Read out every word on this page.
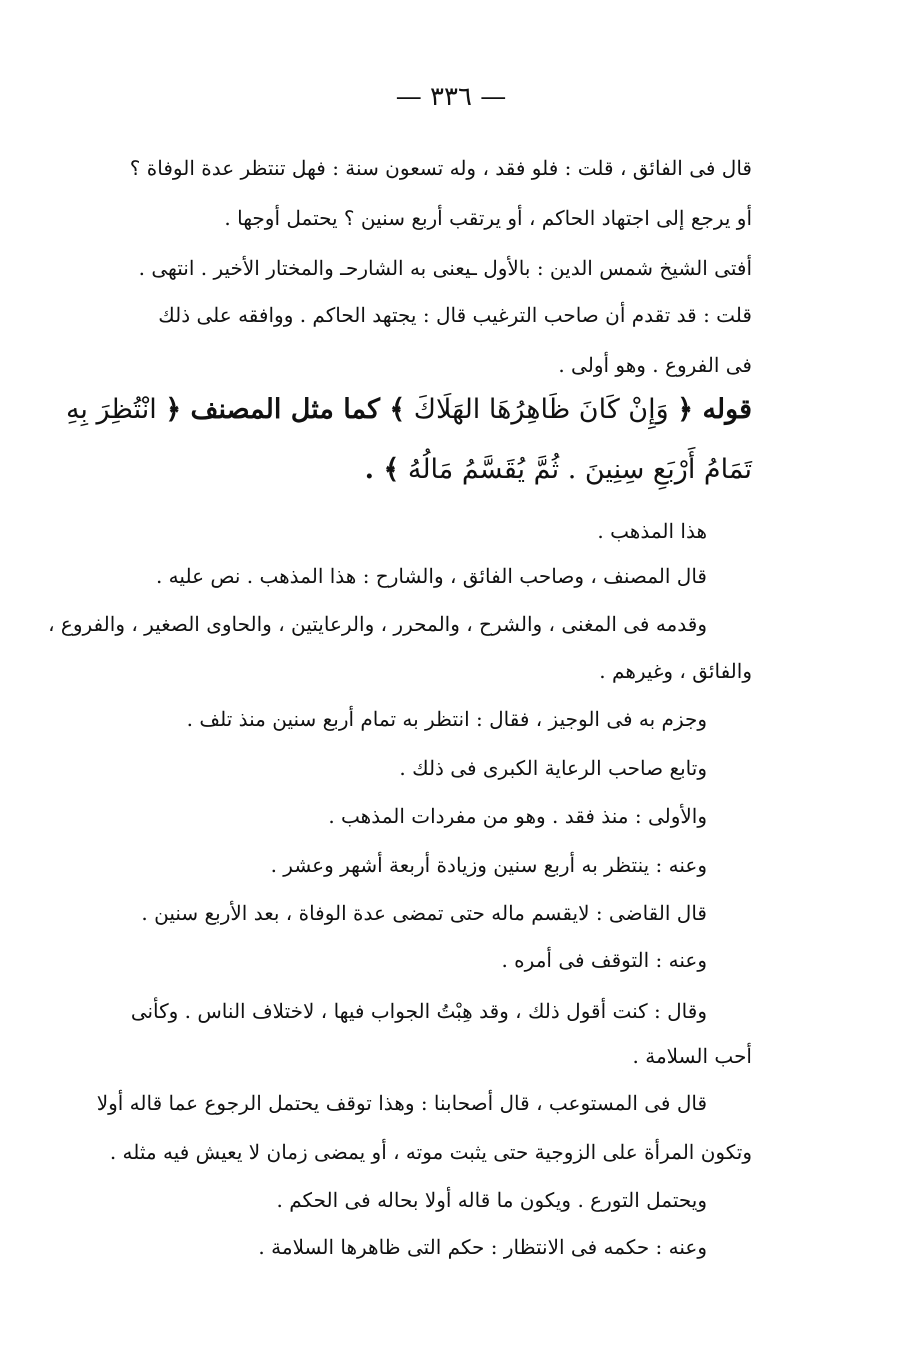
— ٣٣٦ —
قال فى الفائق ، قلت : فلو فقد ، وله تسعون سنة : فهل تنتظر عدة الوفاة ؟
أو يرجع إلى اجتهاد الحاكم ، أو يرتقب أربع سنين ؟ يحتمل أوجها .
أفتى الشيخ شمس الدين : بالأول ـيعنى به الشارحـ والمختار الأخير . انتهى .
قلت : قد تقدم أن صاحب الترغيب قال : يجتهد الحاكم . ووافقه على ذلك
فى الفروع . وهو أولى .
قوله ﴿ وَإِنْ كَانَ ظَاهِرُهَا الهَلَاكَ ﴾ كما مثل المصنف ﴿ انْتُظِرَ بِهِ
تَمَامُ أَرْبَعِ سِنِينَ . ثُمَّ يُقَسَّمُ مَالُهُ ﴾ .
هذا المذهب .
قال المصنف ، وصاحب الفائق ، والشارح : هذا المذهب . نص عليه .
وقدمه فى المغنى ، والشرح ، والمحرر ، والرعايتين ، والحاوى الصغير ، والفروع ،
والفائق ، وغيرهم .
وجزم به فى الوجيز ، فقال : انتظر به تمام أربع سنين منذ تلف .
وتابع صاحب الرعاية الكبرى فى ذلك .
والأولى : منذ فقد . وهو من مفردات المذهب .
وعنه : ينتظر به أربع سنين وزيادة أربعة أشهر وعشر .
قال القاضى : لايقسم ماله حتى تمضى عدة الوفاة ، بعد الأربع سنين .
وعنه : التوقف فى أمره .
وقال : كنت أقول ذلك ، وقد هِبْتُ الجواب فيها ، لاختلاف الناس . وكأنى
أحب السلامة .
قال فى المستوعب ، قال أصحابنا : وهذا توقف يحتمل الرجوع عما قاله أولا
وتكون المرأة على الزوجية حتى يثبت موته ، أو يمضى زمان لا يعيش فيه مثله .
ويحتمل التورع . ويكون ما قاله أولا بحاله فى الحكم .
وعنه : حكمه فى الانتظار : حكم التى ظاهرها السلامة .
